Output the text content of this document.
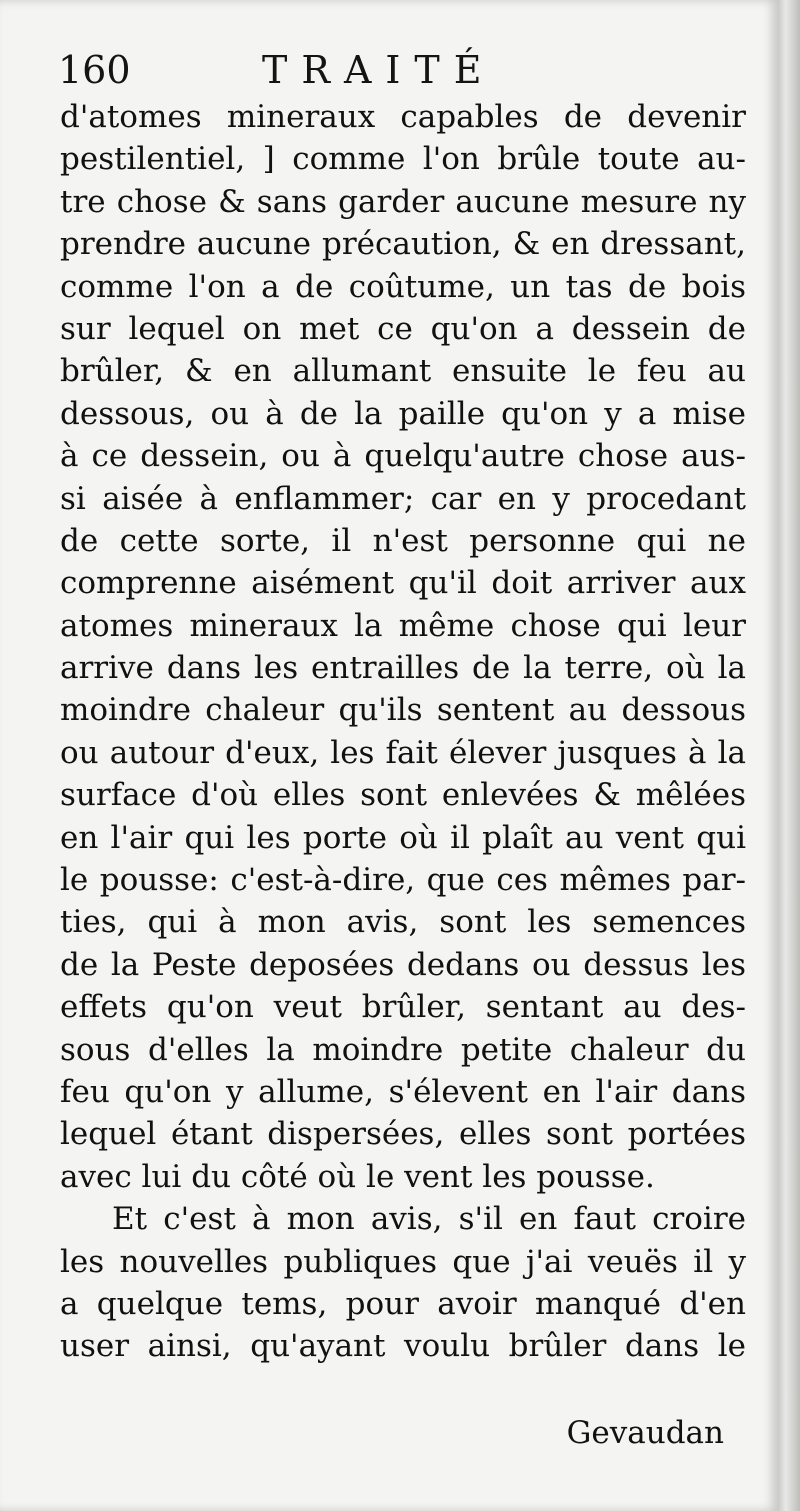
160	TRAITÉ
d'atomes mineraux capables de devenir
pestilentiel, ] comme l'on brûle toute au-
tre chose & sans garder aucune mesure ny
prendre aucune précaution, & en dressant,
comme l'on a de coûtume, un tas de bois
sur lequel on met ce qu'on a dessein de
brûler, & en allumant ensuite le feu au
dessous, ou à de la paille qu'on y a mise
à ce dessein, ou à quelqu'autre chose aus-
si aisée à enflammer; car en y procedant
de cette sorte, il n'est personne qui ne
comprenne aisément qu'il doit arriver aux
atomes mineraux la même chose qui leur
arrive dans les entrailles de la terre, où la
moindre chaleur qu'ils sentent au dessous
ou autour d'eux, les fait élever jusques à la
surface d'où elles sont enlevées & mêlées
en l'air qui les porte où il plaît au vent qui
le pousse: c'est-à-dire, que ces mêmes par-
ties, qui à mon avis, sont les semences
de la Peste deposées dedans ou dessus les
effets qu'on veut brûler, sentant au des-
sous d'elles la moindre petite chaleur du
feu qu'on y allume, s'élevent en l'air dans
lequel étant dispersées, elles sont portées
avec lui du côté où le vent les pousse.
Et c'est à mon avis, s'il en faut croire
les nouvelles publiques que j'ai veuës il y
a quelque tems, pour avoir manqué d'en
user ainsi, qu'ayant voulu brûler dans le
Gevaudan
